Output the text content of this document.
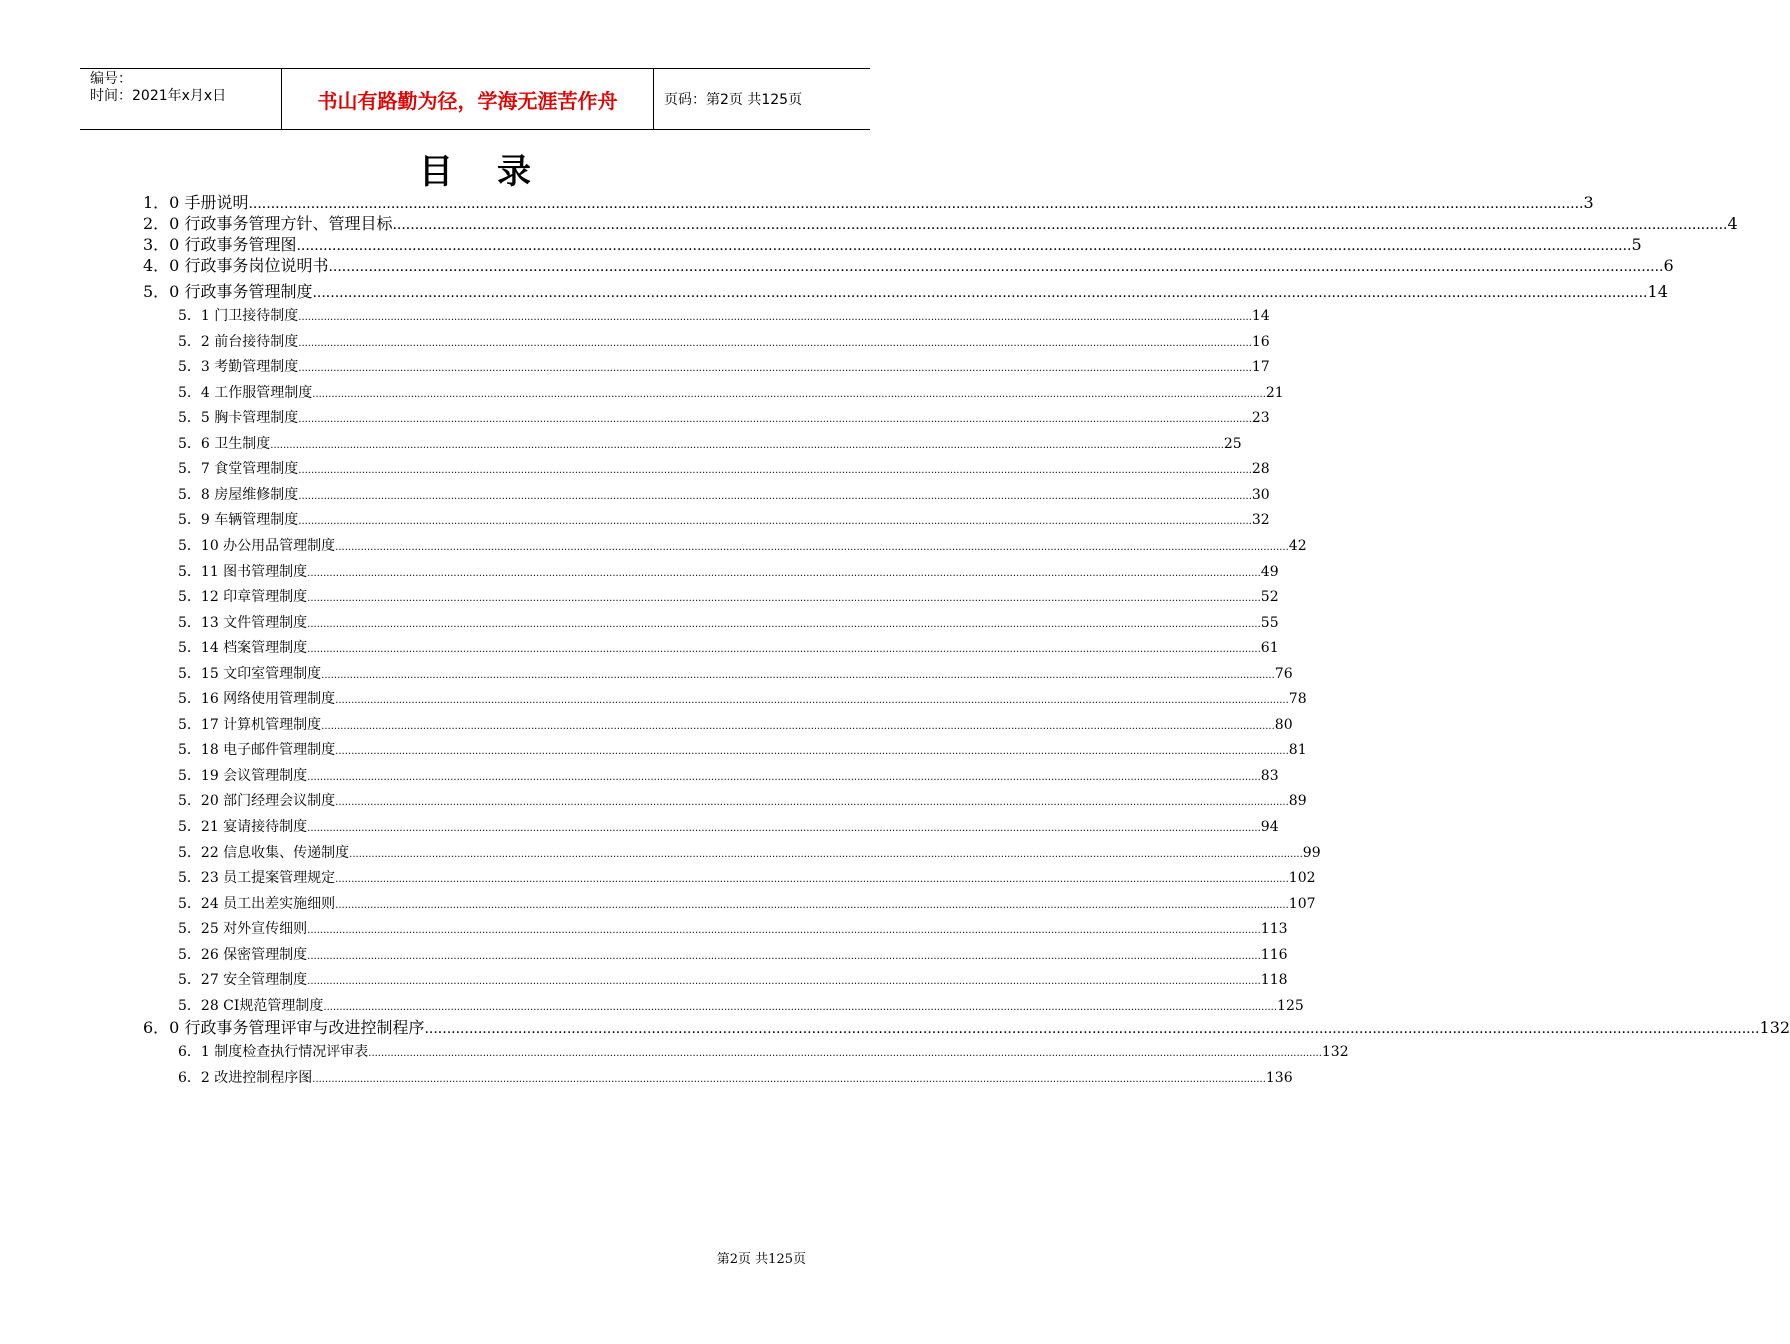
编号：
时间：2021年x月x日	书山有路勤为径，学海无涯苦作舟	页码：第2页 共125页
目录
1．0 手册说明 ............................................................................................................................................................................................................................................................................................................ 3
2．0 行政事务管理方针、管理目标 ............................................................................................................................................................................................................................................................................................................ 4
3．0 行政事务管理图 ............................................................................................................................................................................................................................................................................................................ 5
4．0 行政事务岗位说明书 ............................................................................................................................................................................................................................................................................................................ 6
5．0 行政事务管理制度 ............................................................................................................................................................................................................................................................................................................ 14
5．1 门卫接待制度 ............................................................................................................................................................................................................................................................................................................ 14
5．2 前台接待制度 ............................................................................................................................................................................................................................................................................................................ 16
5．3 考勤管理制度 ............................................................................................................................................................................................................................................................................................................ 17
5．4 工作服管理制度 ............................................................................................................................................................................................................................................................................................................ 21
5．5 胸卡管理制度 ............................................................................................................................................................................................................................................................................................................ 23
5．6 卫生制度 ............................................................................................................................................................................................................................................................................................................ 25
5．7 食堂管理制度 ............................................................................................................................................................................................................................................................................................................ 28
5．8 房屋维修制度 ............................................................................................................................................................................................................................................................................................................ 30
5．9 车辆管理制度 ............................................................................................................................................................................................................................................................................................................ 32
5．10 办公用品管理制度 ............................................................................................................................................................................................................................................................................................................ 42
5．11 图书管理制度 ............................................................................................................................................................................................................................................................................................................ 49
5．12 印章管理制度 ............................................................................................................................................................................................................................................................................................................ 52
5．13 文件管理制度 ............................................................................................................................................................................................................................................................................................................ 55
5．14 档案管理制度 ............................................................................................................................................................................................................................................................................................................ 61
5．15 文印室管理制度 ............................................................................................................................................................................................................................................................................................................ 76
5．16 网络使用管理制度 ............................................................................................................................................................................................................................................................................................................ 78
5．17 计算机管理制度 ............................................................................................................................................................................................................................................................................................................ 80
5．18 电子邮件管理制度 ............................................................................................................................................................................................................................................................................................................ 81
5．19 会议管理制度 ............................................................................................................................................................................................................................................................................................................ 83
5．20 部门经理会议制度 ............................................................................................................................................................................................................................................................................................................ 89
5．21 宴请接待制度 ............................................................................................................................................................................................................................................................................................................ 94
5．22 信息收集、传递制度 ............................................................................................................................................................................................................................................................................................................ 99
5．23 员工提案管理规定 ............................................................................................................................................................................................................................................................................................................ 102
5．24 员工出差实施细则 ............................................................................................................................................................................................................................................................................................................ 107
5．25 对外宣传细则 ............................................................................................................................................................................................................................................................................................................ 113
5．26 保密管理制度 ............................................................................................................................................................................................................................................................................................................ 116
5．27 安全管理制度 ............................................................................................................................................................................................................................................................................................................ 118
5．28 CI规范管理制度 ............................................................................................................................................................................................................................................................................................................ 125
6．0 行政事务管理评审与改进控制程序 ............................................................................................................................................................................................................................................................................................................ 132
6．1 制度检查执行情况评审表 ............................................................................................................................................................................................................................................................................................................ 132
6．2 改进控制程序图 ............................................................................................................................................................................................................................................................................................................ 136
第2页 共125页
